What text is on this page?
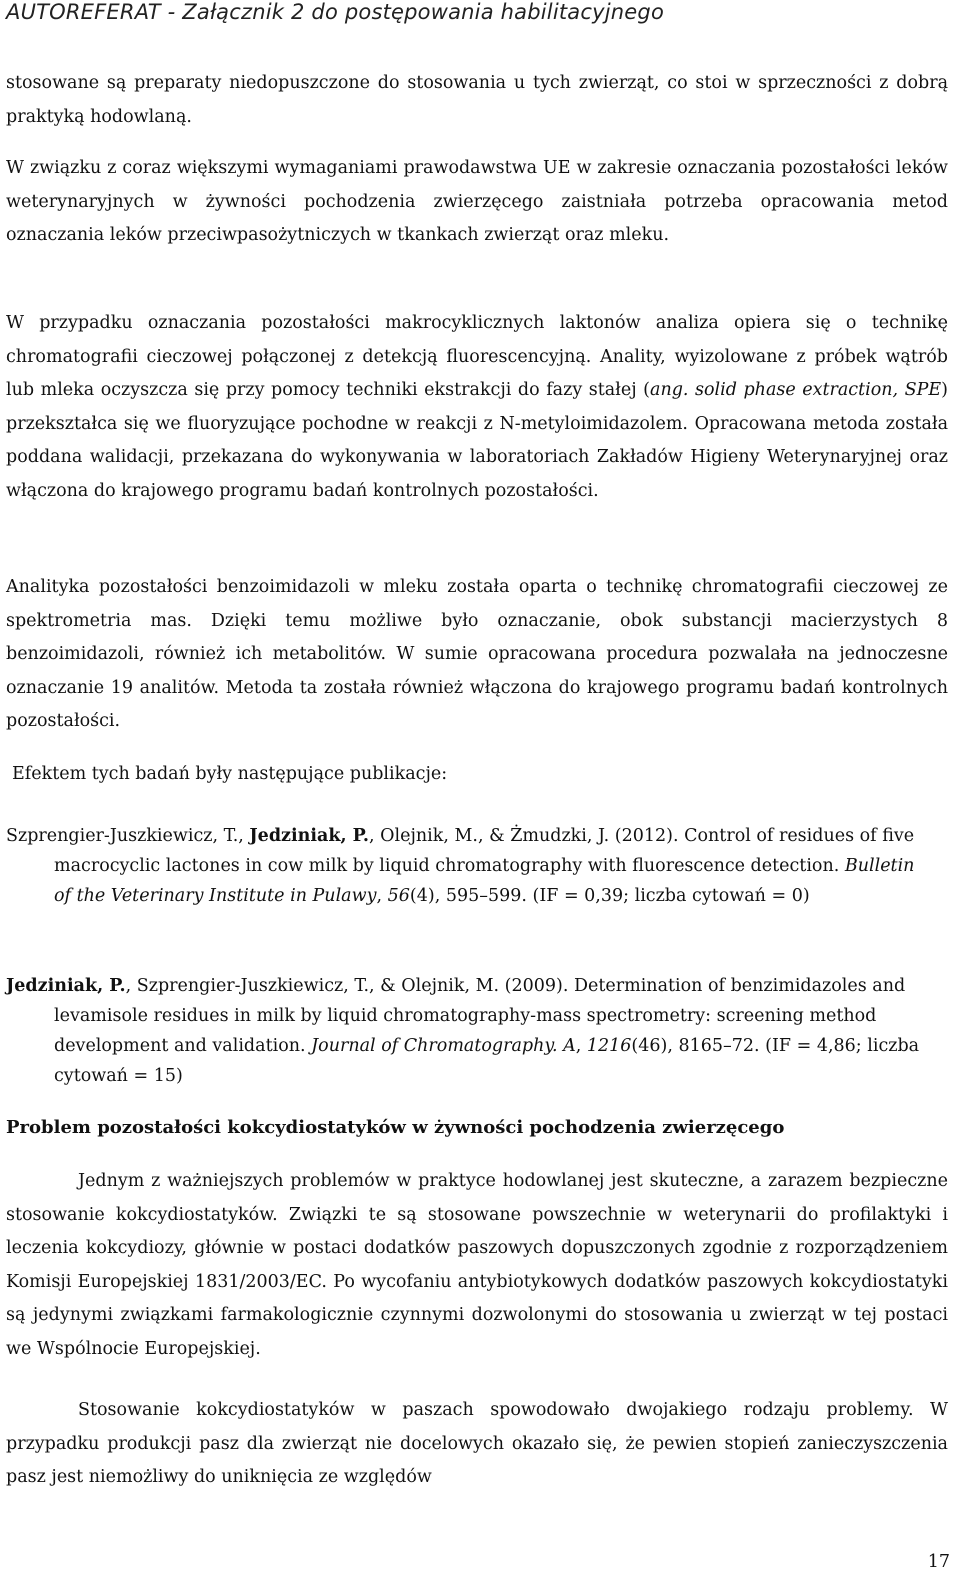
AUTOREFERAT - Załącznik 2 do postępowania habilitacyjnego

stosowane są preparaty niedopuszczone do stosowania u tych zwierząt, co stoi w sprzeczności z dobrą praktyką hodowlaną.

W związku z coraz większymi wymaganiami prawodawstwa UE w zakresie oznaczania pozostałości leków weterynaryjnych w żywności pochodzenia zwierzęcego zaistniała potrzeba opracowania metod oznaczania leków przeciwpasożytniczych w tkankach zwierząt oraz mleku.

W przypadku oznaczania pozostałości makrocyklicznych laktonów analiza opiera się o technikę chromatografii cieczowej połączonej z detekcją fluorescencyjną. Anality, wyizolowane z próbek wątrób lub mleka oczyszcza się przy pomocy techniki ekstrakcji do fazy stałej (ang. solid phase extraction, SPE) przekształca się we fluoryzujące pochodne w reakcji z N-metyloimidazolem. Opracowana metoda została poddana walidacji, przekazana do wykonywania w laboratoriach Zakładów Higieny Weterynaryjnej oraz włączona do krajowego programu badań kontrolnych pozostałości.

Analityka pozostałości benzoimidazoli w mleku została oparta o technikę chromatografii cieczowej ze spektrometria mas. Dzięki temu możliwe było oznaczanie, obok substancji macierzystych 8 benzoimidazoli, również ich metabolitów. W sumie opracowana procedura pozwalała na jednoczesne oznaczanie 19 analitów. Metoda ta została również włączona do krajowego programu badań kontrolnych pozostałości.

Efektem tych badań były następujące publikacje:
Szprengier-Juszkiewicz, T., Jedziniak, P., Olejnik, M., & Żmudzki, J. (2012). Control of residues of five macrocyclic lactones in cow milk by liquid chromatography with fluorescence detection. Bulletin of the Veterinary Institute in Pulawy, 56(4), 595–599. (IF = 0,39; liczba cytowań = 0)
Jedziniak, P., Szprengier-Juszkiewicz, T., & Olejnik, M. (2009). Determination of benzimidazoles and levamisole residues in milk by liquid chromatography-mass spectrometry: screening method development and validation. Journal of Chromatography. A, 1216(46), 8165–72. (IF = 4,86; liczba cytowań = 15)
Problem pozostałości kokcydiostatyków w żywności pochodzenia zwierzęcego

Jednym z ważniejszych problemów w praktyce hodowlanej jest skuteczne, a zarazem bezpieczne stosowanie kokcydiostatyków. Związki te są stosowane powszechnie w weterynarii do profilaktyki i leczenia kokcydiozy, głównie w postaci dodatków paszowych dopuszczonych zgodnie z rozporządzeniem Komisji Europejskiej 1831/2003/EC. Po wycofaniu antybiotykowych dodatków paszowych kokcydiostatyki są jedynymi związkami farmakologicznie czynnymi dozwolonymi do stosowania u zwierząt w tej postaci we Wspólnocie Europejskiej.

Stosowanie kokcydiostatyków w paszach spowodowało dwojakiego rodzaju problemy. W przypadku produkcji pasz dla zwierząt nie docelowych okazało się, że pewien stopień zanieczyszczenia pasz jest niemożliwy do uniknięcia ze względów

17
